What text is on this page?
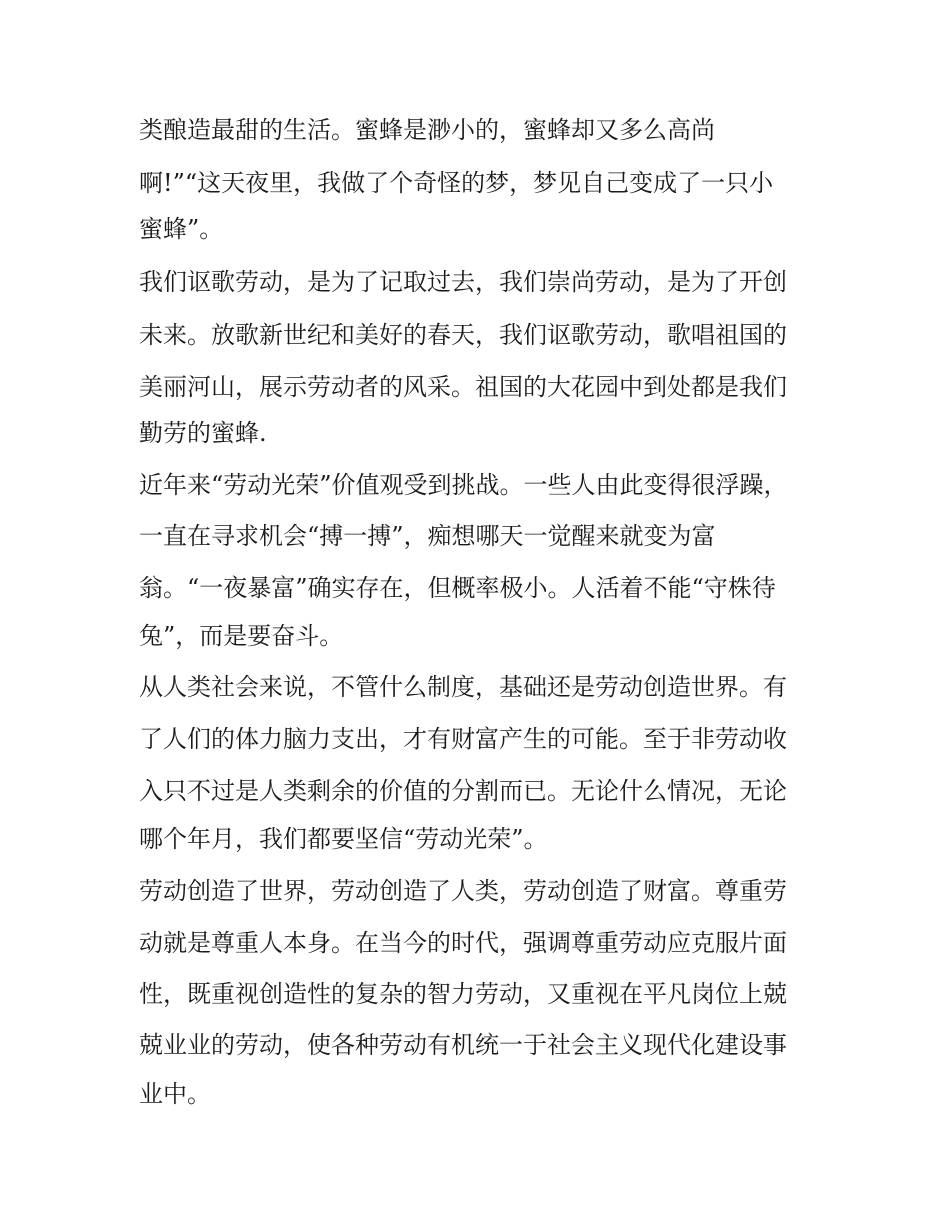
类酿造最甜的生活。蜜蜂是渺小的，蜜蜂却又多么高尚

啊!”“这天夜里，我做了个奇怪的梦，梦见自己变成了一只小

蜜蜂”。

我们讴歌劳动，是为了记取过去，我们崇尚劳动，是为了开创

未来。放歌新世纪和美好的春天，我们讴歌劳动，歌唱祖国的

美丽河山，展示劳动者的风采。祖国的大花园中到处都是我们

勤劳的蜜蜂.

近年来“劳动光荣”价值观受到挑战。一些人由此变得很浮躁，

一直在寻求机会“搏一搏”，痴想哪天一觉醒来就变为富

翁。“一夜暴富”确实存在，但概率极小。人活着不能“守株待

兔”，而是要奋斗。

从人类社会来说，不管什么制度，基础还是劳动创造世界。有

了人们的体力脑力支出，才有财富产生的可能。至于非劳动收

入只不过是人类剩余的价值的分割而已。无论什么情况，无论

哪个年月，我们都要坚信“劳动光荣”。

劳动创造了世界，劳动创造了人类，劳动创造了财富。尊重劳

动就是尊重人本身。在当今的时代，强调尊重劳动应克服片面

性，既重视创造性的复杂的智力劳动，又重视在平凡岗位上兢

兢业业的劳动，使各种劳动有机统一于社会主义现代化建设事

业中。
